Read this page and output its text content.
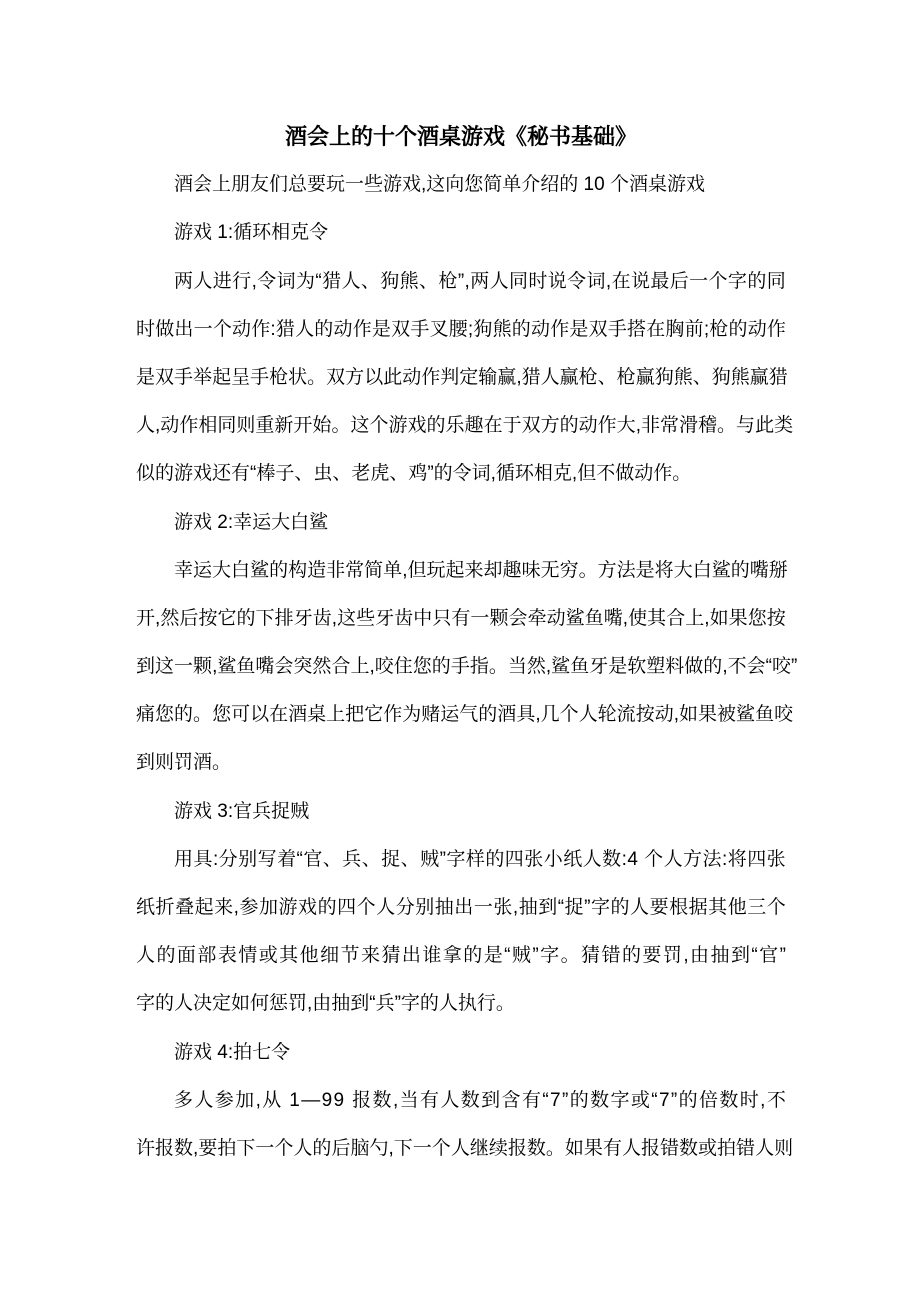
酒会上的十个酒桌游戏《秘书基础》
酒会上朋友们总要玩一些游戏,这向您简单介绍的 10 个酒桌游戏
游戏 1:循环相克令
两 人 进 行 , 令 词 为 “ 猎 人 、 狗 熊 、 枪 ” , 两 人 同 时 说 令 词 , 在 说 最 后 一 个 字 的 同
时 做 出 一 个 动 作 : 猎 人 的 动 作 是 双 手 叉 腰 ; 狗 熊 的 动 作 是 双 手 搭 在 胸 前 ; 枪 的 动 作
是 双 手 举 起 呈 手 枪 状 。 双 方 以 此 动 作 判 定 输 赢 , 猎 人 赢 枪 、 枪 赢 狗 熊 、 狗 熊 赢 猎
人 , 动 作 相 同 则 重 新 开 始 。 这 个 游 戏 的 乐 趣 在 于 双 方 的 动 作 大 , 非 常 滑 稽 。 与 此 类
似的游戏还有“棒子、虫、老虎、鸡”的令词,循环相克,但不做动作。
游戏 2:幸运大白鲨
幸 运 大 白 鲨 的 构 造 非 常 简 单 , 但 玩 起 来 却 趣 味 无 穷 。 方 法 是 将 大 白 鲨 的 嘴 掰
开 , 然 后 按 它 的 下 排 牙 齿 , 这 些 牙 齿 中 只 有 一 颗 会 牵 动 鲨 鱼 嘴 , 使 其 合 上 , 如 果 您 按
到 这 一 颗 , 鲨 鱼 嘴 会 突 然 合 上 , 咬 住 您 的 手 指 。 当 然 , 鲨 鱼 牙 是 软 塑 料 做 的 , 不 会 “ 咬 ”
痛 您 的 。 您 可 以 在 酒 桌 上 把 它 作 为 赌 运 气 的 酒 具 , 几 个 人 轮 流 按 动 , 如 果 被 鲨 鱼 咬
到则罚酒。
游戏 3:官兵捉贼
用 具 : 分 别 写 着 “ 官 、 兵 、 捉 、 贼 ” 字 样 的 四 张 小 纸 人 数 : 4
个 人 方 法 : 将 四 张
纸 折 叠 起 来 , 参 加 游 戏 的 四 个 人 分 别 抽 出 一 张 , 抽 到 “ 捉 ” 字 的 人 要 根 据 其 他 三 个
人 的 面 部 表 情 或 其 他 细 节 来 猜 出 谁 拿 的 是 “ 贼 ” 字 。 猜 错 的 要 罚 , 由 抽 到 “ 官 ”
字的人决定如何惩罚,由抽到“兵”字的人执行。
游戏 4:拍七令
多 人 参 加 , 从
1 — 9 9
报 数 , 当 有 人 数 到 含 有 “ 7 ” 的 数 字 或 “ 7 ” 的 倍 数 时 , 不
许 报 数 , 要 拍 下 一 个 人 的 后 脑 勺 , 下 一 个 人 继 续 报 数 。 如 果 有 人 报 错 数 或 拍 错 人 则
